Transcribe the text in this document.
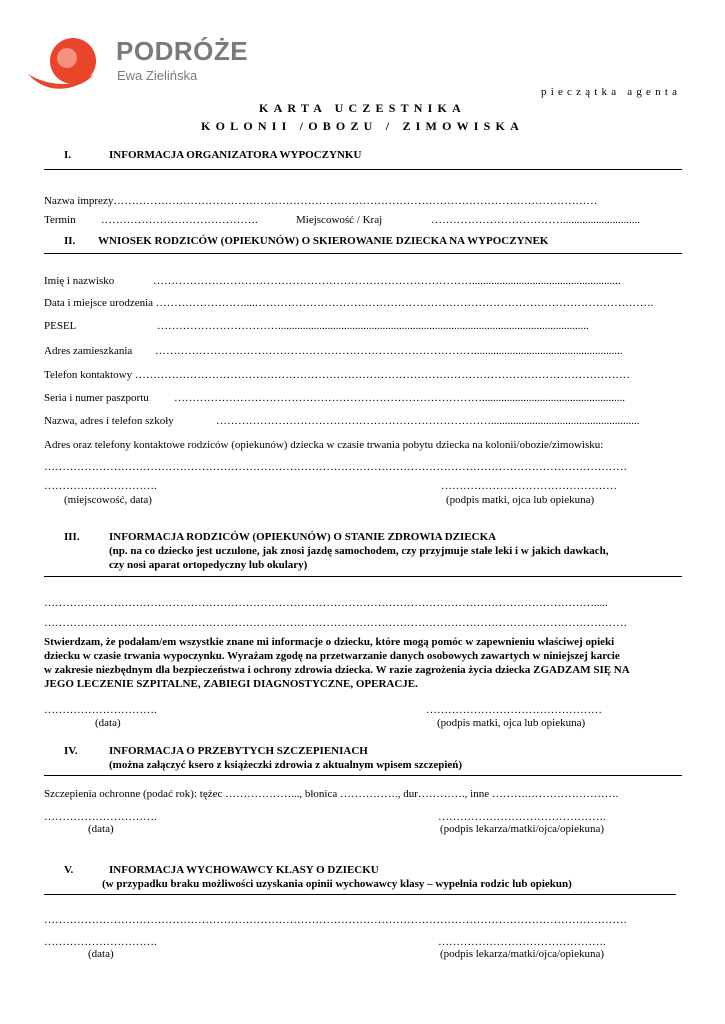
PODRÓŻE
Ewa Zielińska
pieczątka agenta
KARTA UCZESTNIKA
KOLONII /OBOZU / ZIMOWISKA
I.	INFORMACJA ORGANIZATORA WYPOCZYNKU
Nazwa imprezy……………………………………………………………………………………………………………………
Termin …………………………………….	Miejscowość / Kraj	………………………………............................
II. WNIOSEK RODZICÓW (OPIEKUNÓW) O SKIEROWANIE DZIECKA NA WYPOCZYNEK
Imię i nazwisko	……………………………………………………………………………......................................................
Data i miejsce urodzenia ……………………....……………………………………………………………………………………………….
PESEL	…………………………….................................................................................................................
Adres zamieszkania ……………………………………………………………………………......................................................
Telefon kontaktowy ………………………………………………………………………………………………………………………
Seria i numer paszportu …………………………………………………………………………....................................................
Nazwa, adres i telefon szkoły	…………………………………………………………………......................................................
Adres oraz telefony kontaktowe rodziców (opiekunów) dziecka w czasie trwania pobytu dziecka na kolonii/obozie/zimowisku:
……………………………………………………………………………………………………………………………………………
………………………….	…………………………………………
(miejscowość, data)	(podpis matki, ojca lub opiekuna)
III.	INFORMACJA RODZICÓW (OPIEKUNÓW) O STANIE ZDROWIA DZIECKA
(np. na co dziecko jest uczulone, jak znosi jazdę samochodem, czy przyjmuje stałe leki i w jakich dawkach,
czy nosi aparat ortopedyczny lub okulary)
…………………………………………………………………………………………………………………………………….....
……………………………………………………………………………………………………………………………………………
Stwierdzam, że podałam/em wszystkie znane mi informacje o dziecku, które mogą pomóc w zapewnieniu właściwej opieki
dziecku w czasie trwania wypoczynku. Wyrażam zgodę na przetwarzanie danych osobowych zawartych w niniejszej karcie
w zakresie niezbędnym dla bezpieczeństwa i ochrony zdrowia dziecka. W razie zagrożenia życia dziecka ZGADZAM SIĘ NA
JEGO LECZENIE SZPITALNE, ZABIEGI DIAGNOSTYCZNE, OPERACJE.
………………………….	…………………………………………
(data)	(podpis matki, ojca lub opiekuna)
IV.	INFORMACJA O PRZEBYTYCH SZCZEPIENIACH
(można załączyć ksero z książeczki zdrowia z aktualnym wpisem szczepień)
Szczepienia ochronne (podać rok): tężec ………………..., błonica ……………., dur…………., inne ……….…………………….
………………………….	……………………………………….
(data)	(podpis lekarza/matki/ojca/opiekuna)
V.	INFORMACJA WYCHOWAWCY KLASY O DZIECKU
(w przypadku braku możliwości uzyskania opinii wychowawcy klasy – wypełnia rodzic lub opiekun)
……………………………………………………………………………………………………………………………………………
………………………….	……………………………………….
(data)	(podpis lekarza/matki/ojca/opiekuna)
